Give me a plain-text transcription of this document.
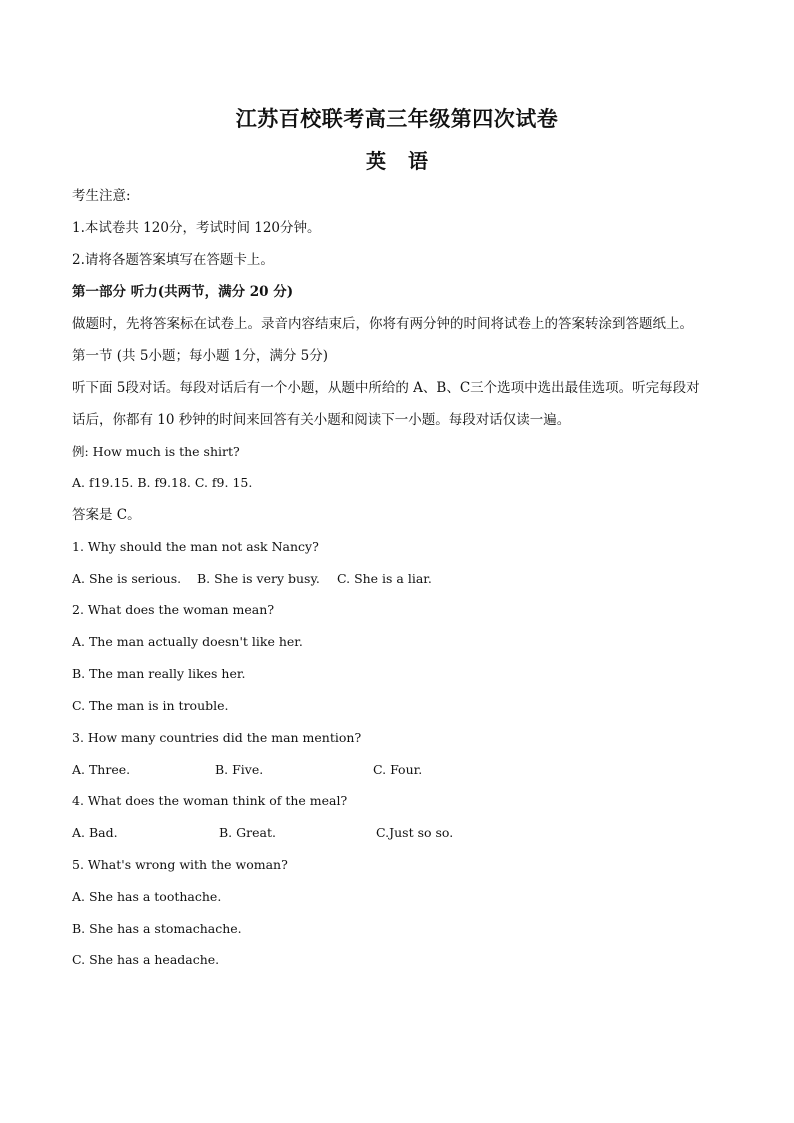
江苏百校联考高三年级第四次试卷
英语
考生注意:
1.本试卷共 120分，考试时间 120分钟。
2.请将各题答案填写在答题卡上。
第一部分 听力(共两节，满分 20 分)
做题时，先将答案标在试卷上。录音内容结束后，你将有两分钟的时间将试卷上的答案转涂到答题纸上。
第一节 (共 5小题；每小题 1分，满分 5分)
听下面 5段对话。每段对话后有一个小题，从题中所给的 A、B、C三个选项中选出最佳选项。听完每段对
话后，你都有 10 秒钟的时间来回答有关小题和阅读下一小题。每段对话仅读一遍。
例: How much is the shirt?
A. f19.15. B. f9.18. C. f9. 15.
答案是 C。
1. Why should the man not ask Nancy?
A. She is serious. B. She is very busy. C. She is a liar.
2. What does the woman mean?
A. The man actually doesn't like her.
B. The man really likes her.
C. The man is in trouble.
3. How many countries did the man mention?
A. Three.	B. Five.	C. Four.
4. What does the woman think of the meal?
A. Bad.	B. Great.	C.Just so so.
5. What's wrong with the woman?
A. She has a toothache.
B. She has a stomachache.
C. She has a headache.
